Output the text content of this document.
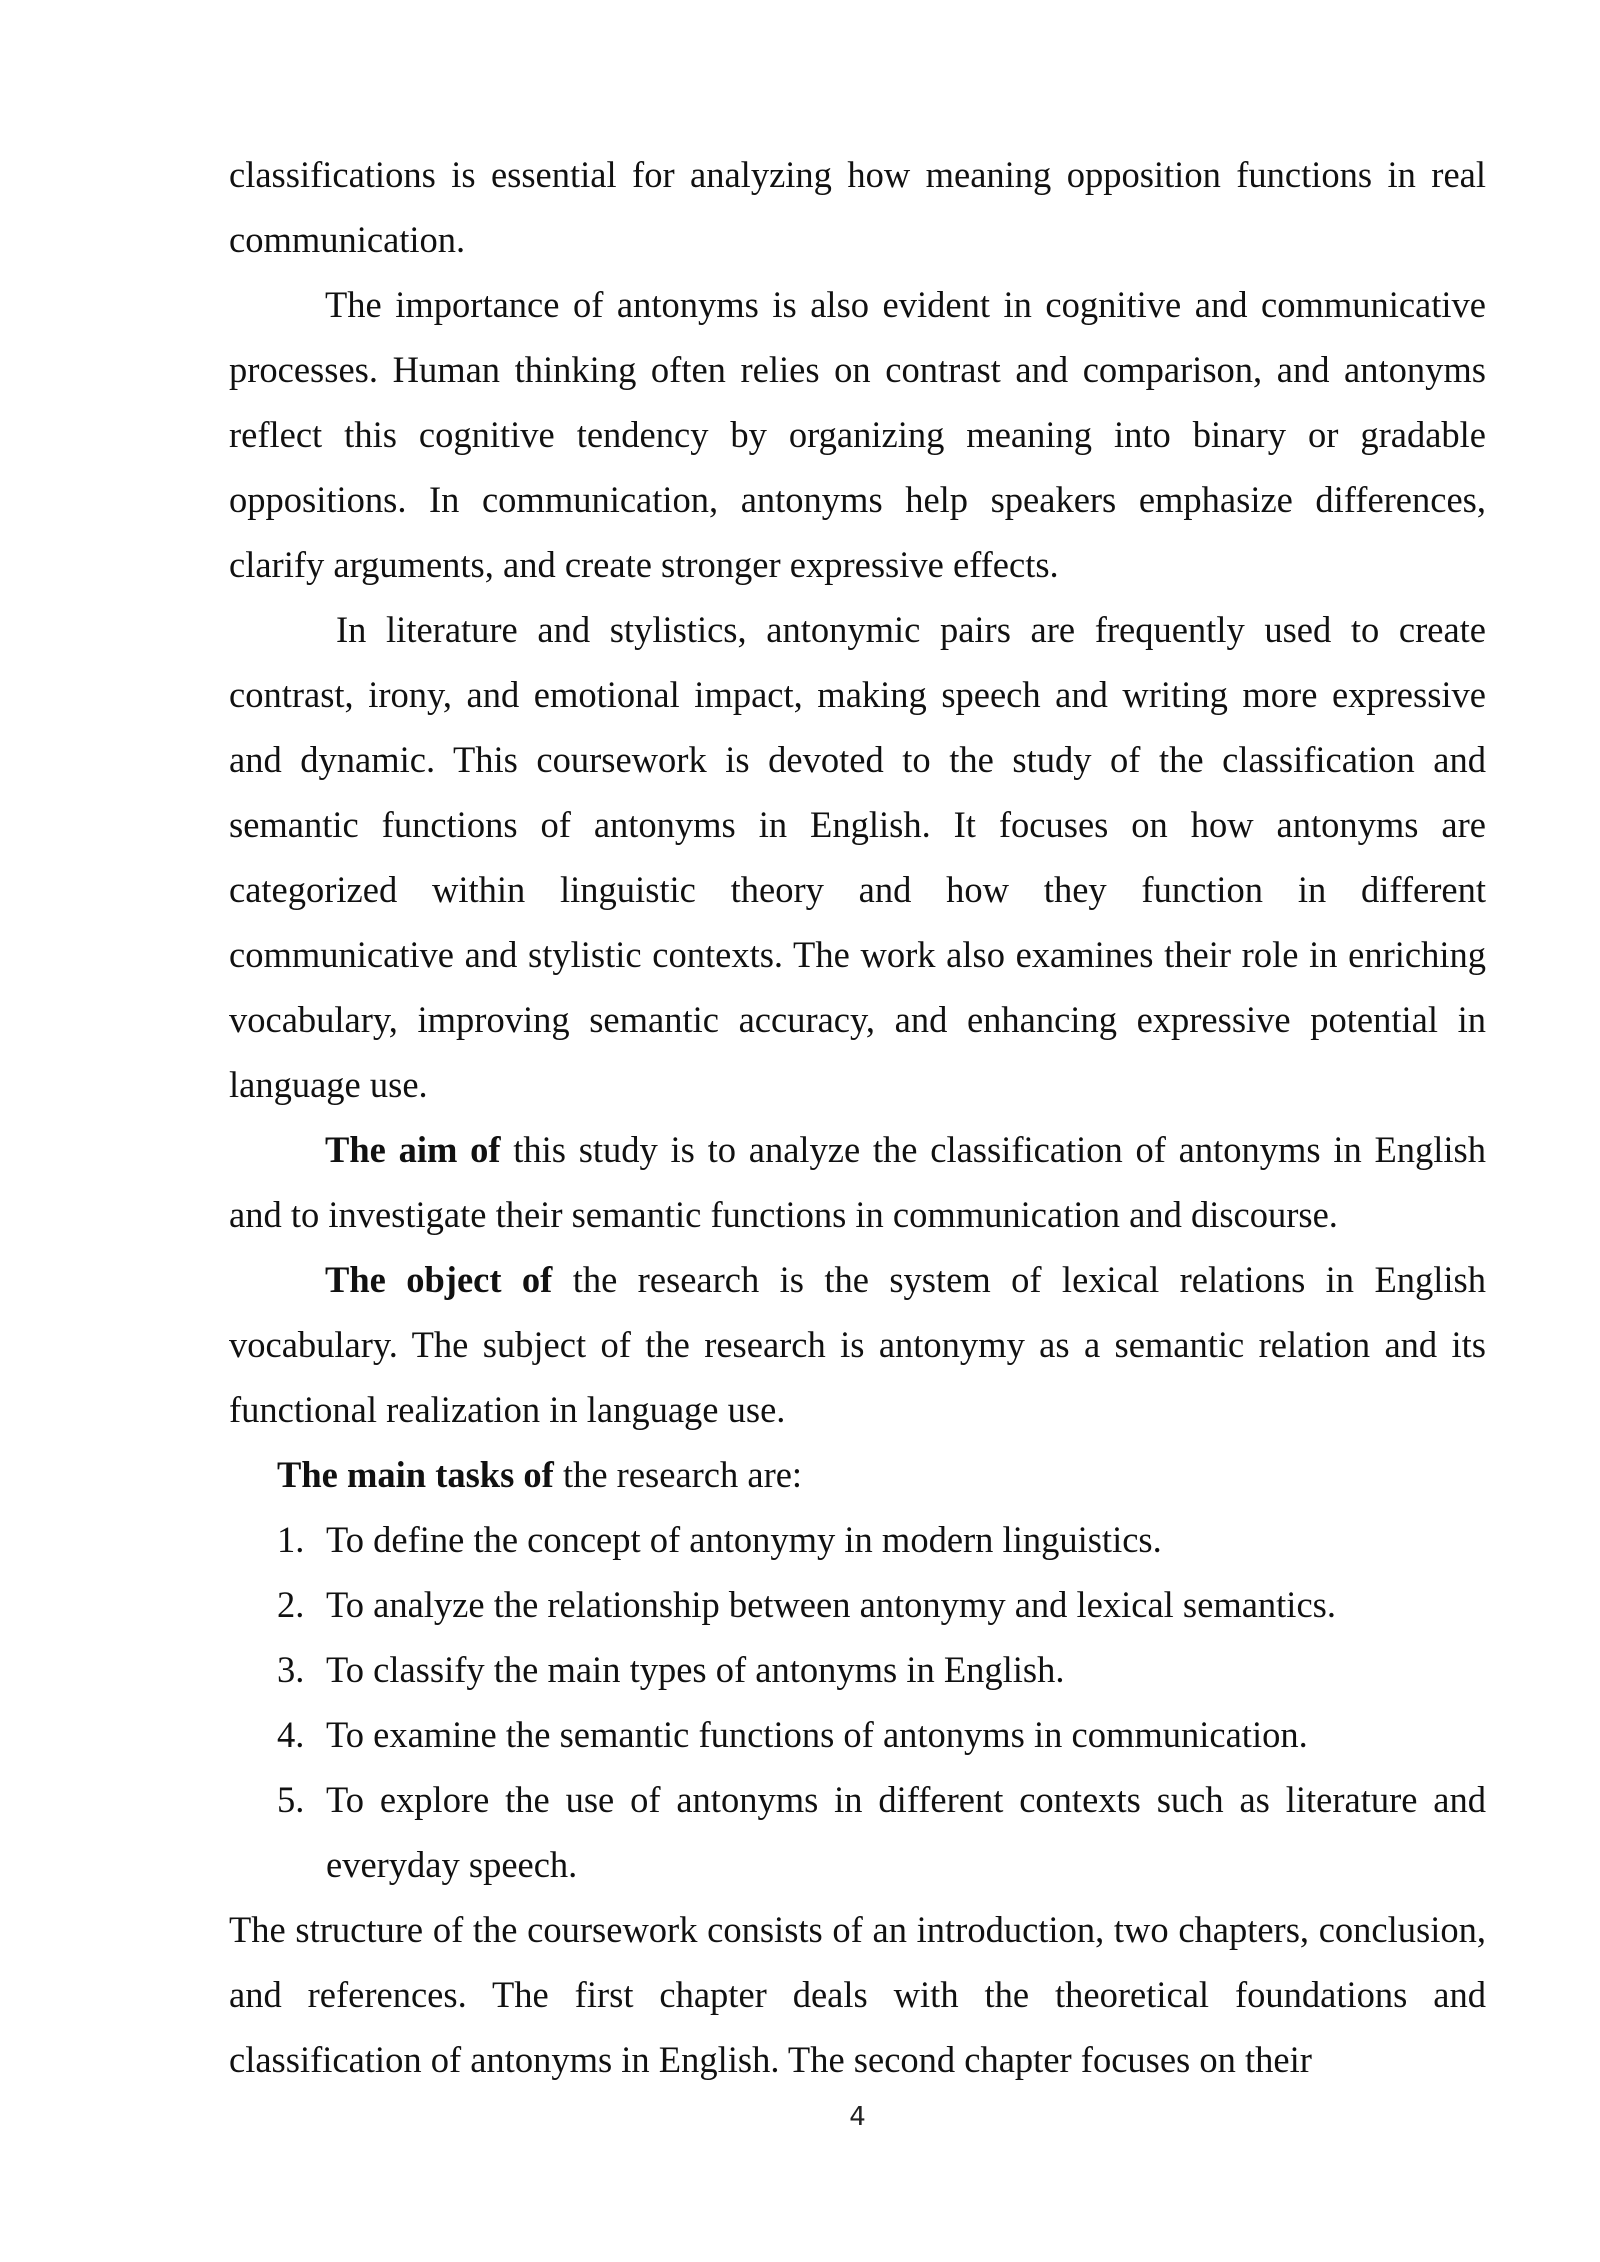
classifications is essential for analyzing how meaning opposition functions in real communication.

The importance of antonyms is also evident in cognitive and communicative processes. Human thinking often relies on contrast and comparison, and antonyms reflect this cognitive tendency by organizing meaning into binary or gradable oppositions. In communication, antonyms help speakers emphasize differences, clarify arguments, and create stronger expressive effects.

In literature and stylistics, antonymic pairs are frequently used to create contrast, irony, and emotional impact, making speech and writing more expressive and dynamic. This coursework is devoted to the study of the classification and semantic functions of antonyms in English. It focuses on how antonyms are categorized within linguistic theory and how they function in different communicative and stylistic contexts. The work also examines their role in enriching vocabulary, improving semantic accuracy, and enhancing expressive potential in language use.

The aim of this study is to analyze the classification of antonyms in English and to investigate their semantic functions in communication and discourse.

The object of the research is the system of lexical relations in English vocabulary. The subject of the research is antonymy as a semantic relation and its functional realization in language use.

The main tasks of the research are:

1. To define the concept of antonymy in modern linguistics.
2. To analyze the relationship between antonymy and lexical semantics.
3. To classify the main types of antonyms in English.
4. To examine the semantic functions of antonyms in communication.
5. To explore the use of antonyms in different contexts such as literature and everyday speech.

The structure of the coursework consists of an introduction, two chapters, conclusion, and references. The first chapter deals with the theoretical foundations and classification of antonyms in English. The second chapter focuses on their

4
